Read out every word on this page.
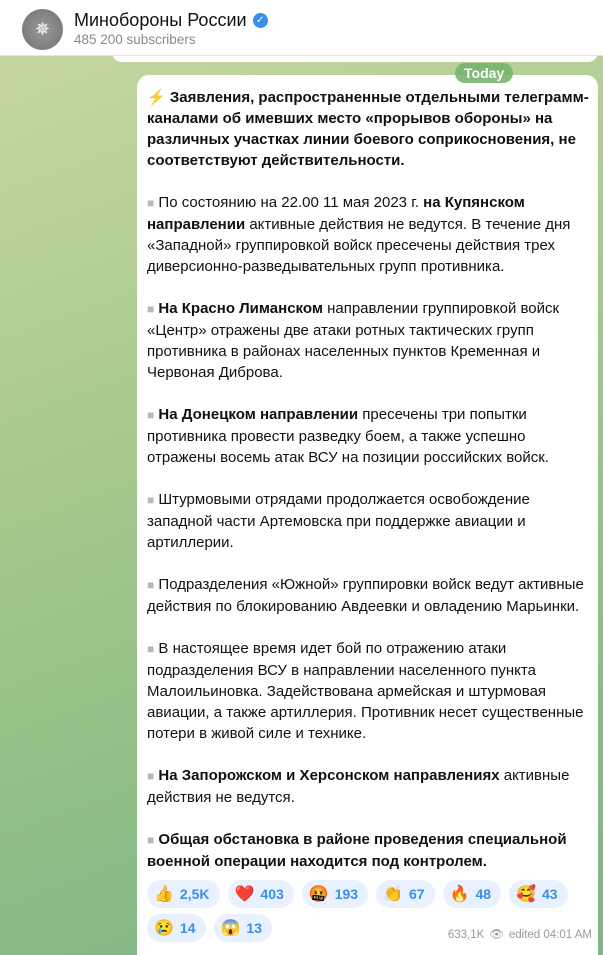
✵	Минобороны России ✓
485 200 subscribers

⚡ Заявления, распространенные отдельными телеграмм-каналами об имевших место «прорывов обороны» на различных участках линии боевого соприкосновения, не соответствуют действительности.

■ По состоянию на 22.00 11 мая 2023 г. на Купянском направлении активные действия не ведутся. В течение дня «Западной» группировкой войск пресечены действия трех диверсионно-разведывательных групп противника.

■ На Красно Лиманском направлении группировкой войск «Центр» отражены две атаки ротных тактических групп противника в районах населенных пунктов Кременная и Червоная Диброва.

■ На Донецком направлении пресечены три попытки противника провести разведку боем, а также успешно отражены восемь атак ВСУ на позиции российских войск.

■ Штурмовыми отрядами продолжается освобождение западной части Артемовска при поддержке авиации и артиллерии.

■ Подразделения «Южной» группировки войск ведут активные действия по блокированию Авдеевки и овладению Марьинки.

■ В настоящее время идет бой по отражению атаки подразделения ВСУ в направлении населенного пункта Малоильиновка. Задействована армейская и штурмовая авиации, а также артиллерия. Противник несет существенные потери в живой силе и технике.

■ На Запорожском и Херсонском направлениях активные действия не ведутся.

■ Общая обстановка в районе проведения специальной военной операции находится под контролем.

👍 2,5K ❤️ 403 🤬 193 👏 67 🔥 48 🥰 43
😢 14 😱 13	633,1K 👁 edited 04:01 AM
Today
